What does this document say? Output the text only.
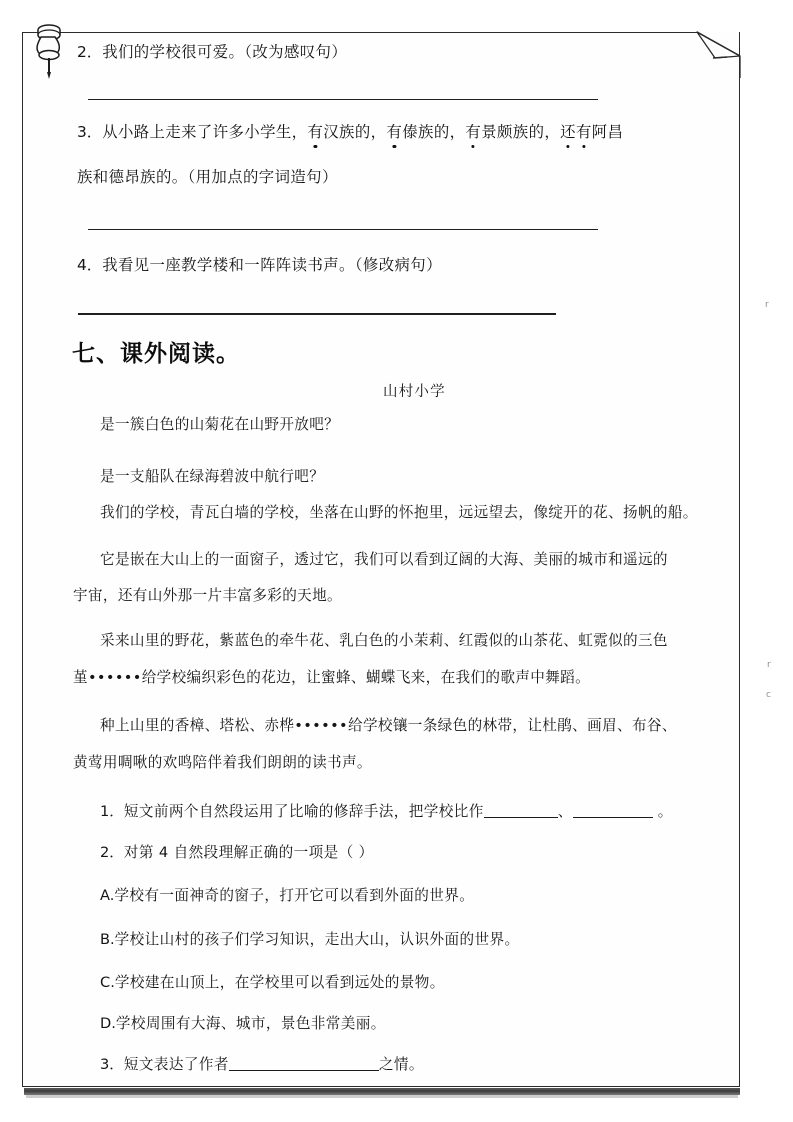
2．我们的学校很可爱。（改为感叹句）
3．从小路上走来了许多小学生，有汉族的，有傣族的，有景颇族的，还有阿昌
族和德昂族的。（用加点的字词造句）
4．我看见一座教学楼和一阵阵读书声。（修改病句）
七、课外阅读。
山村小学
是一簇白色的山菊花在山野开放吧？
是一支船队在绿海碧波中航行吧？
我们的学校，青瓦白墙的学校，坐落在山野的怀抱里，远远望去，像绽开的花、扬帆的船。
它是嵌在大山上的一面窗子，透过它，我们可以看到辽阔的大海、美丽的城市和遥远的
宇宙，还有山外那一片丰富多彩的天地。
采来山里的野花，紫蓝色的牵牛花、乳白色的小茉莉、红霞似的山茶花、虹霓似的三色
堇••••••给学校编织彩色的花边，让蜜蜂、蝴蝶飞来，在我们的歌声中舞蹈。
种上山里的香樟、塔松、赤桦••••••给学校镶一条绿色的林带，让杜鹃、画眉、布谷、
黄莺用啁啾的欢鸣陪伴着我们朗朗的读书声。
1．短文前两个自然段运用了比喻的修辞手法，把学校比作	、	。
2．对第 4 自然段理解正确的一项是（ ）
A.学校有一面神奇的窗子，打开它可以看到外面的世界。
B.学校让山村的孩子们学习知识，走出大山，认识外面的世界。
C.学校建在山顶上，在学校里可以看到远处的景物。
D.学校周围有大海、城市，景色非常美丽。
3．短文表达了作者	之情。
r
r
c
